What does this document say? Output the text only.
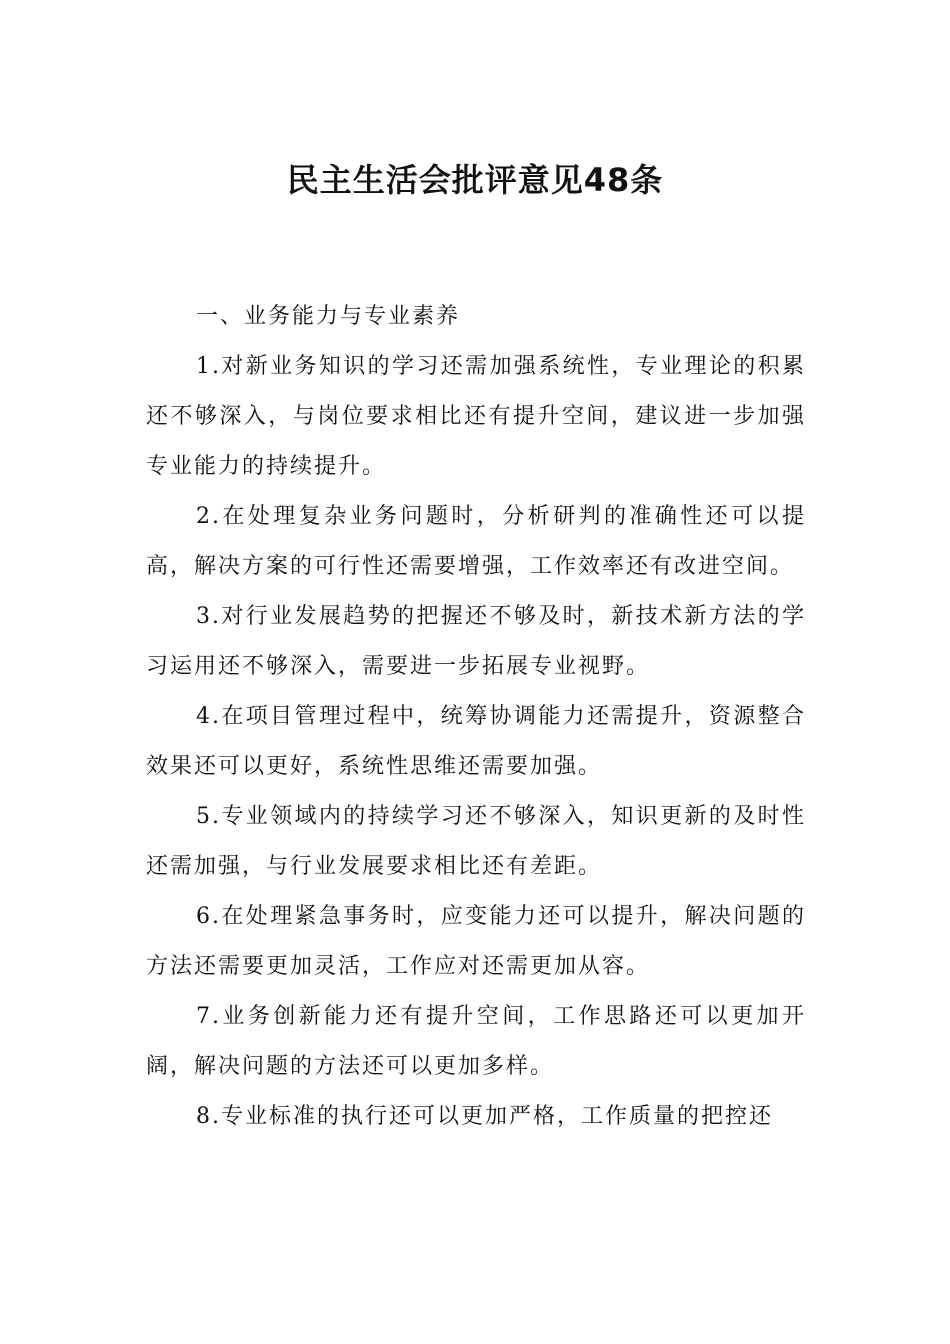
民主生活会批评意见48条

一、业务能力与专业素养

1.对新业务知识的学习还需加强系统性，专业理论的积累还不够深入，与岗位要求相比还有提升空间，建议进一步加强专业能力的持续提升。

2.在处理复杂业务问题时，分析研判的准确性还可以提高，解决方案的可行性还需要增强，工作效率还有改进空间。

3.对行业发展趋势的把握还不够及时，新技术新方法的学习运用还不够深入，需要进一步拓展专业视野。

4.在项目管理过程中，统筹协调能力还需提升，资源整合效果还可以更好，系统性思维还需要加强。

5.专业领域内的持续学习还不够深入，知识更新的及时性还需加强，与行业发展要求相比还有差距。

6.在处理紧急事务时，应变能力还可以提升，解决问题的方法还需要更加灵活，工作应对还需更加从容。

7.业务创新能力还有提升空间，工作思路还可以更加开阔，解决问题的方法还可以更加多样。

8.专业标准的执行还可以更加严格，工作质量的把控还
